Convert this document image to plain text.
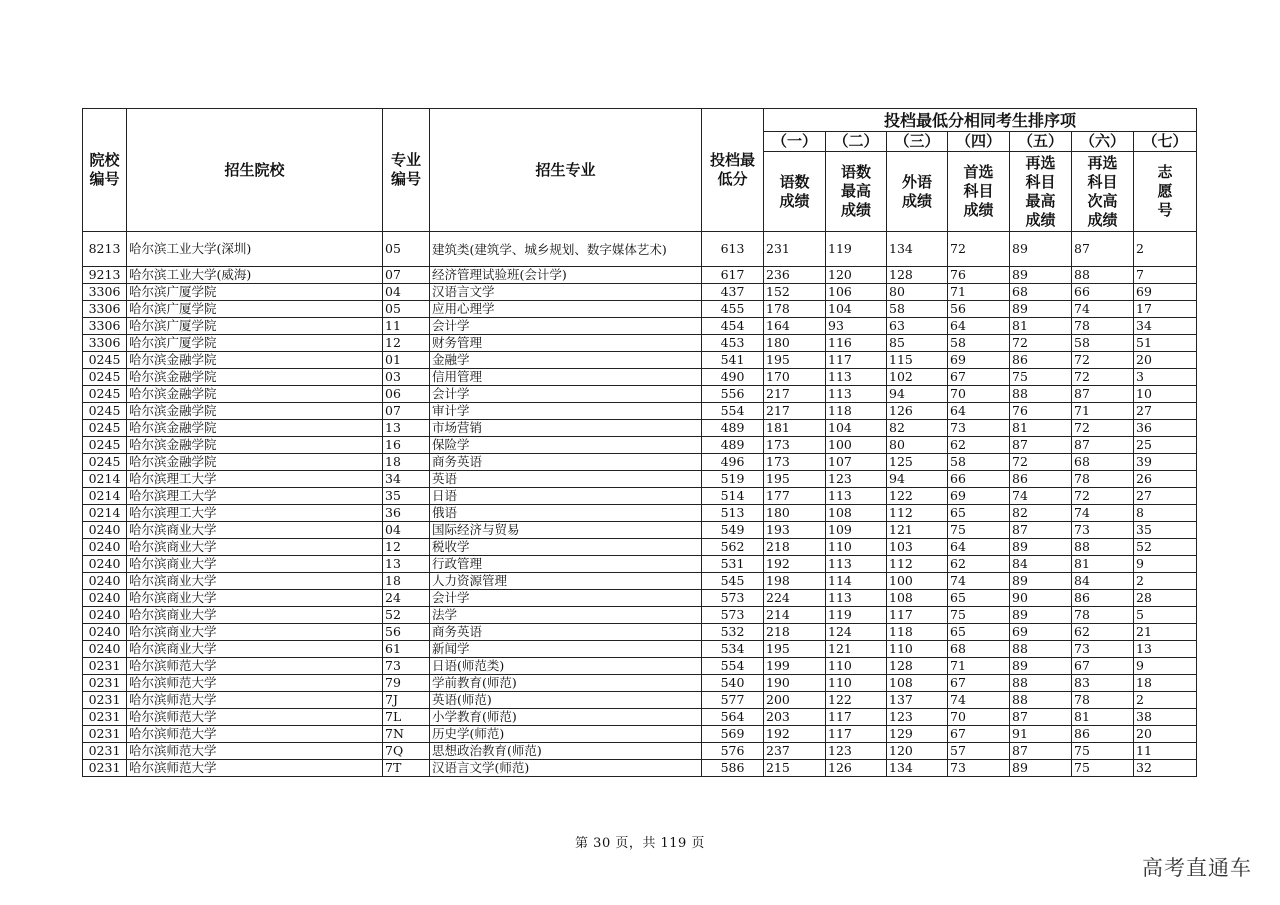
院校编号	招生院校	专业编号	招生专业	投档最低分	投档最低分相同考生排序项						
					（一）	（二）	（三）	（四）	（五）	（六）	（七）

					语数成绩	语数最高成绩	外语成绩	首选科目成绩	再选科目最高成绩	再选科目次高成绩	志愿号

8213	哈尔滨工业大学(深圳)	05	建筑类(建筑学、城乡规划、数字媒体艺术)	613	231	119	134	72	89	87	2
9213	哈尔滨工业大学(威海)	07	经济管理试验班(会计学)	617	236	120	128	76	89	88	7
3306	哈尔滨广厦学院	04	汉语言文学	437	152	106	80	71	68	66	69
3306	哈尔滨广厦学院	05	应用心理学	455	178	104	58	56	89	74	17
3306	哈尔滨广厦学院	11	会计学	454	164	93	63	64	81	78	34
3306	哈尔滨广厦学院	12	财务管理	453	180	116	85	58	72	58	51
0245	哈尔滨金融学院	01	金融学	541	195	117	115	69	86	72	20
0245	哈尔滨金融学院	03	信用管理	490	170	113	102	67	75	72	3
0245	哈尔滨金融学院	06	会计学	556	217	113	94	70	88	87	10
0245	哈尔滨金融学院	07	审计学	554	217	118	126	64	76	71	27
0245	哈尔滨金融学院	13	市场营销	489	181	104	82	73	81	72	36
0245	哈尔滨金融学院	16	保险学	489	173	100	80	62	87	87	25
0245	哈尔滨金融学院	18	商务英语	496	173	107	125	58	72	68	39
0214	哈尔滨理工大学	34	英语	519	195	123	94	66	86	78	26
0214	哈尔滨理工大学	35	日语	514	177	113	122	69	74	72	27
0214	哈尔滨理工大学	36	俄语	513	180	108	112	65	82	74	8
0240	哈尔滨商业大学	04	国际经济与贸易	549	193	109	121	75	87	73	35
0240	哈尔滨商业大学	12	税收学	562	218	110	103	64	89	88	52
0240	哈尔滨商业大学	13	行政管理	531	192	113	112	62	84	81	9
0240	哈尔滨商业大学	18	人力资源管理	545	198	114	100	74	89	84	2
0240	哈尔滨商业大学	24	会计学	573	224	113	108	65	90	86	28
0240	哈尔滨商业大学	52	法学	573	214	119	117	75	89	78	5
0240	哈尔滨商业大学	56	商务英语	532	218	124	118	65	69	62	21
0240	哈尔滨商业大学	61	新闻学	534	195	121	110	68	88	73	13
0231	哈尔滨师范大学	73	日语(师范类)	554	199	110	128	71	89	67	9
0231	哈尔滨师范大学	79	学前教育(师范)	540	190	110	108	67	88	83	18
0231	哈尔滨师范大学	7J	英语(师范)	577	200	122	137	74	88	78	2
0231	哈尔滨师范大学	7L	小学教育(师范)	564	203	117	123	70	87	81	38
0231	哈尔滨师范大学	7N	历史学(师范)	569	192	117	129	67	91	86	20
0231	哈尔滨师范大学	7Q	思想政治教育(师范)	576	237	123	120	57	87	75	11
0231	哈尔滨师范大学	7T	汉语言文学(师范)	586	215	126	134	73	89	75	32
第 30 页，共 119 页
高考直通车
